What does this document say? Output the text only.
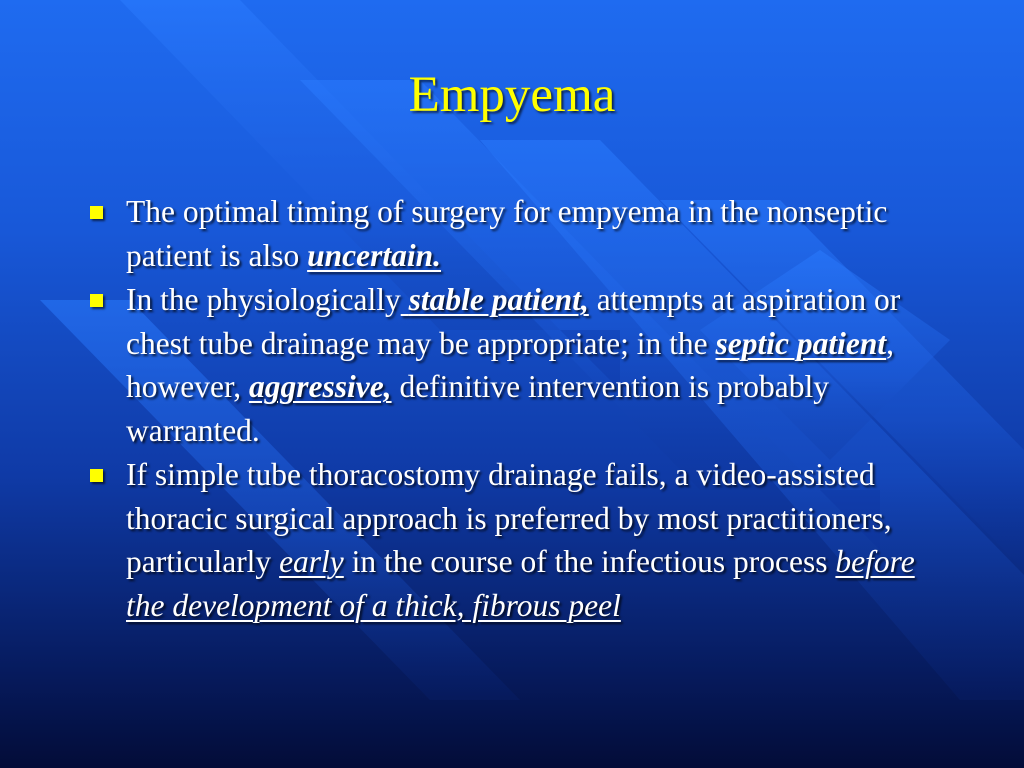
Empyema
The optimal timing of surgery for empyema in the nonseptic patient is also uncertain.
In the physiologically stable patient, attempts at aspiration or chest tube drainage may be appropriate; in the septic patient, however, aggressive, definitive intervention is probably warranted.
If simple tube thoracostomy drainage fails, a video-assisted thoracic surgical approach is preferred by most practitioners, particularly early in the course of the infectious process before the development of a thick, fibrous peel
